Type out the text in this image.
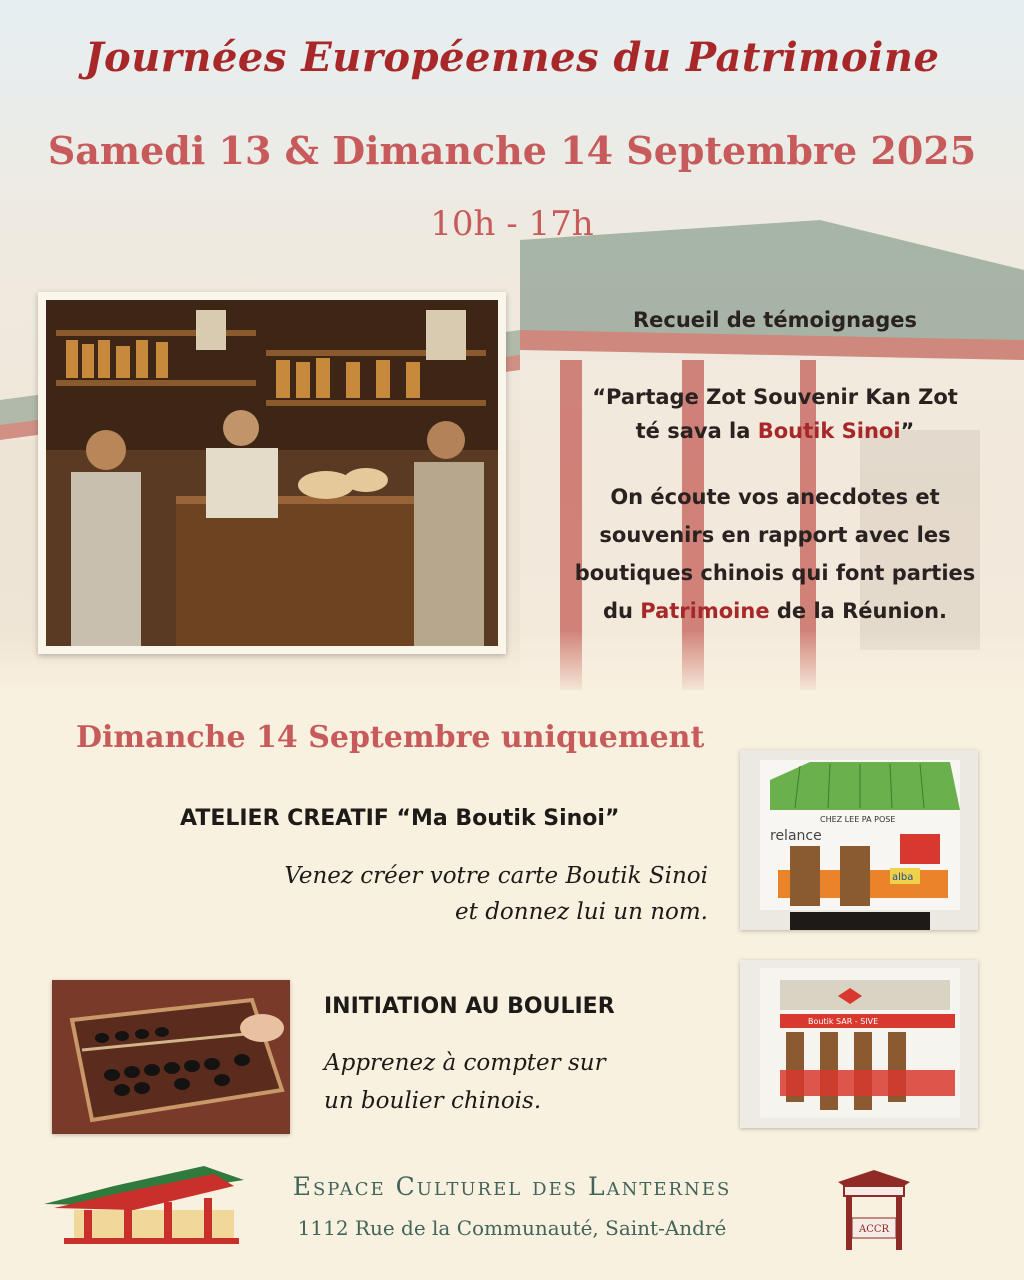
Journées Européennes du Patrimoine
Samedi 13 & Dimanche 14 Septembre 2025

10h - 17h

Recueil de témoignages

“Partage Zot Souvenir Kan Zot
té sava la Boutik Sinoi”

On écoute vos anecdotes et
souvenirs en rapport avec les
boutiques chinois qui font parties
du Patrimoine de la Réunion.

Dimanche 14 Septembre uniquement

ATELIER CREATIF “Ma Boutik Sinoi”

Venez créer votre carte Boutik Sinoi
et donnez lui un nom.

CHEZ LEE PA POSE
relance
alba

INITIATION AU BOULIER

Apprenez à compter sur
un boulier chinois.

Boutik SAR - SIVE

Espace Culturel des Lanternes

1112 Rue de la Communauté, Saint-André	ACCR
